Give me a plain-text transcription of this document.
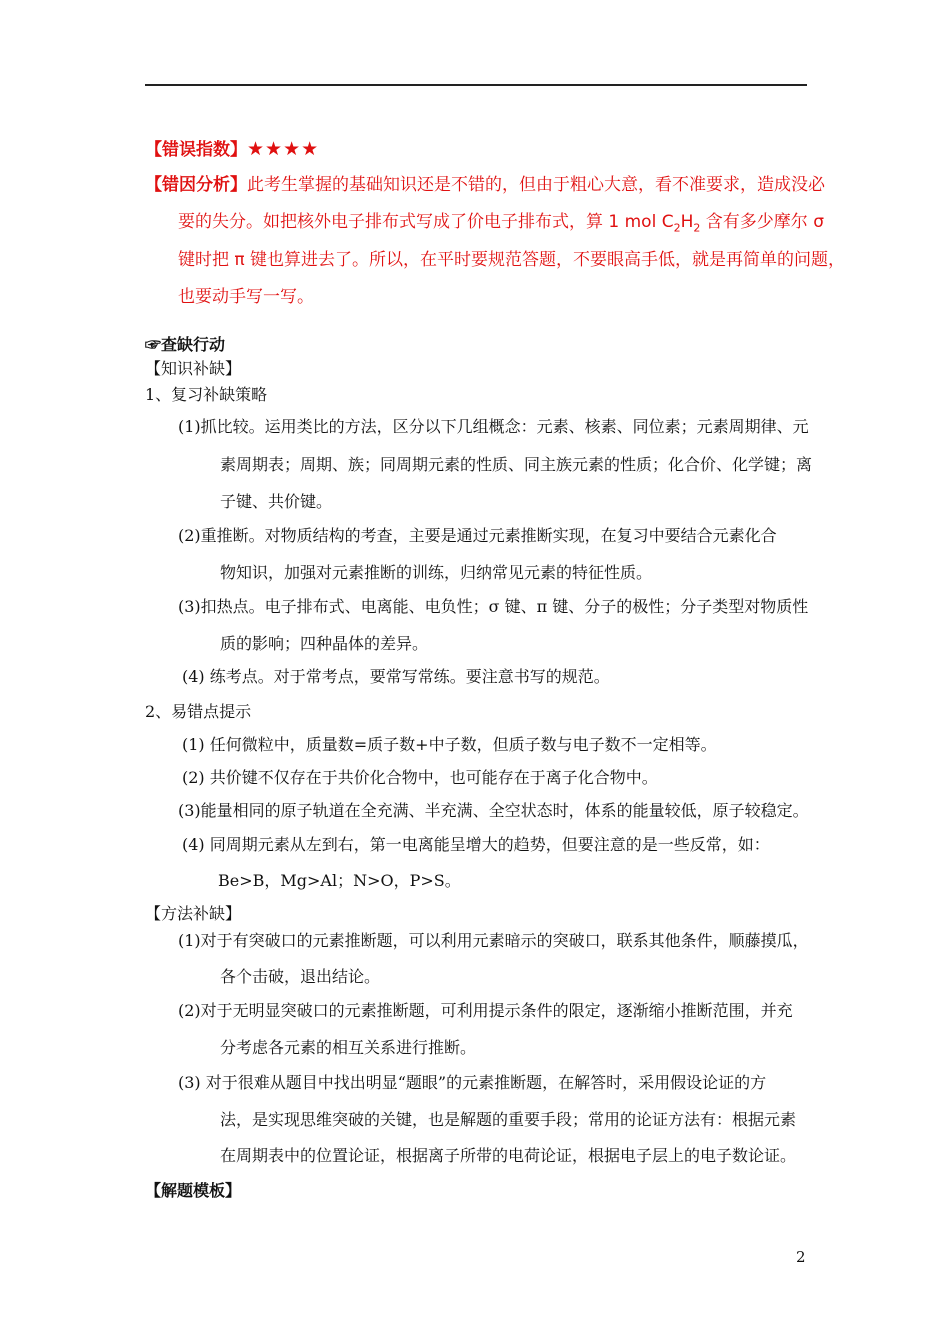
【错误指数】★★★★
【错因分析】此考生掌握的基础知识还是不错的，但由于粗心大意，看不准要求，造成没必
要的失分。如把核外电子排布式写成了价电子排布式，算 1 mol $C_2H_2$ 含有多少摩尔 σ
键时把 π 键也算进去了。所以，在平时要规范答题，不要眼高手低，就是再简单的问题，
也要动手写一写。
☞查缺行动
【知识补缺】
1、复习补缺策略
(1)抓比较。运用类比的方法，区分以下几组概念：元素、核素、同位素；元素周期律、元
素周期表；周期、族；同周期元素的性质、同主族元素的性质；化合价、化学键；离
子键、共价键。
(2)重推断。对物质结构的考查，主要是通过元素推断实现，在复习中要结合元素化合
物知识，加强对元素推断的训练，归纳常见元素的特征性质。
(3)扣热点。电子排布式、电离能、电负性；σ 键、π 键、分子的极性；分子类型对物质性
质的影响；四种晶体的差异。
(4) 练考点。对于常考点，要常写常练。要注意书写的规范。
2、易错点提示
(1) 任何微粒中，质量数=质子数+中子数，但质子数与电子数不一定相等。
(2) 共价键不仅存在于共价化合物中，也可能存在于离子化合物中。
(3)能量相同的原子轨道在全充满、半充满、全空状态时，体系的能量较低，原子较稳定。
(4) 同周期元素从左到右，第一电离能呈增大的趋势，但要注意的是一些反常，如：
Be>B，Mg>Al；N>O，P>S。
【方法补缺】
(1)对于有突破口的元素推断题，可以利用元素暗示的突破口，联系其他条件，顺藤摸瓜，
各个击破，退出结论。
(2)对于无明显突破口的元素推断题，可利用提示条件的限定，逐渐缩小推断范围，并充
分考虑各元素的相互关系进行推断。
(3) 对于很难从题目中找出明显“题眼”的元素推断题，在解答时，采用假设论证的方
法，是实现思维突破的关键，也是解题的重要手段；常用的论证方法有：根据元素
在周期表中的位置论证，根据离子所带的电荷论证，根据电子层上的电子数论证。
【解题模板】
2
